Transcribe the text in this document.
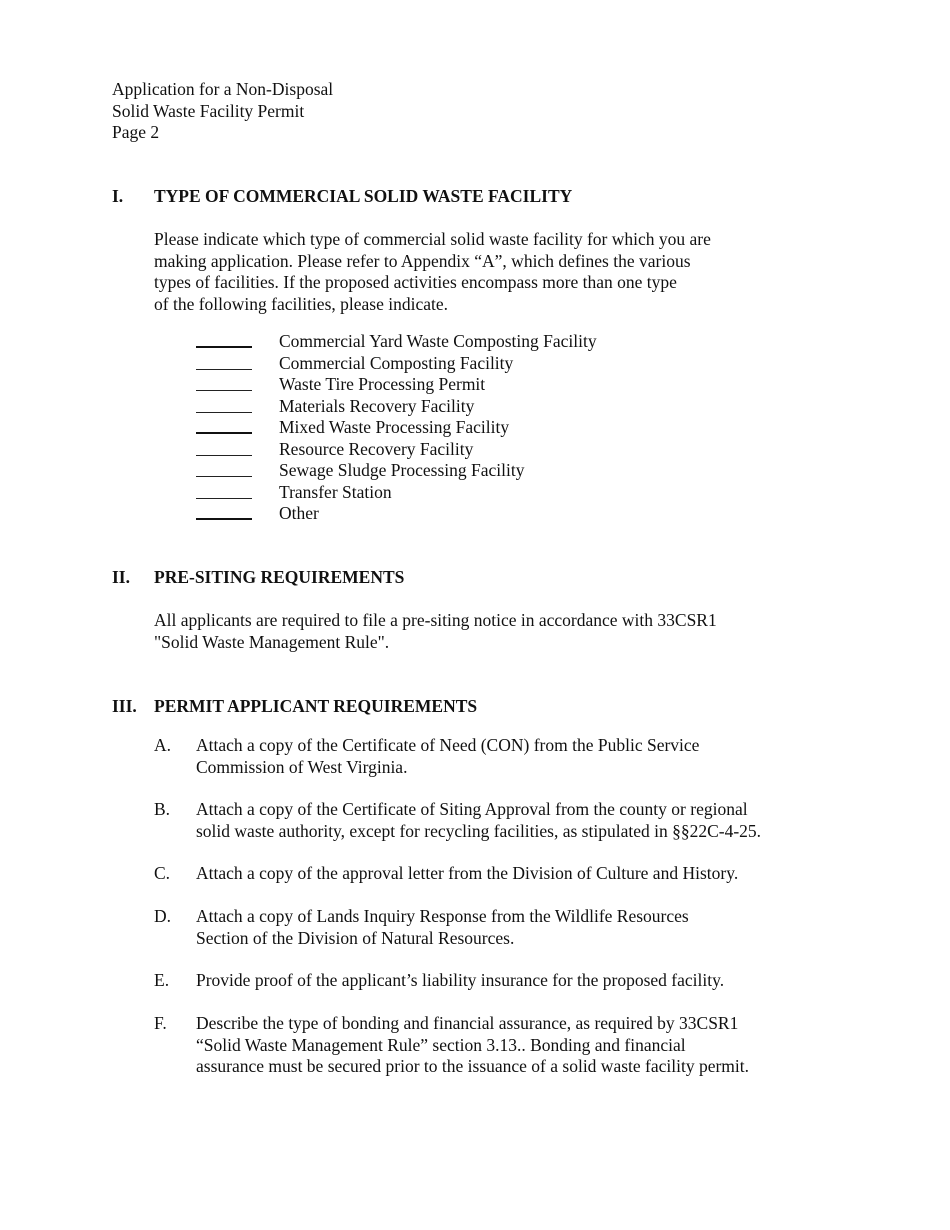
Application for a Non-Disposal
Solid Waste Facility Permit
Page 2
I. TYPE OF COMMERCIAL SOLID WASTE FACILITY
Please indicate which type of commercial solid waste facility for which you are
making application. Please refer to Appendix “A”, which defines the various
types of facilities. If the proposed activities encompass more than one type
of the following facilities, please indicate.
Commercial Yard Waste Composting Facility
Commercial Composting Facility
Waste Tire Processing Permit
Materials Recovery Facility
Mixed Waste Processing Facility
Resource Recovery Facility
Sewage Sludge Processing Facility
Transfer Station
Other
II. PRE-SITING REQUIREMENTS
All applicants are required to file a pre-siting notice in accordance with 33CSR1
"Solid Waste Management Rule".
III. PERMIT APPLICANT REQUIREMENTS
A. Attach a copy of the Certificate of Need (CON) from the Public Service
Commission of West Virginia.
B. Attach a copy of the Certificate of Siting Approval from the county or regional
solid waste authority, except for recycling facilities, as stipulated in §§22C-4-25.
C. Attach a copy of the approval letter from the Division of Culture and History.
D. Attach a copy of Lands Inquiry Response from the Wildlife Resources
Section of the Division of Natural Resources.
E. Provide proof of the applicant’s liability insurance for the proposed facility.
F. Describe the type of bonding and financial assurance, as required by 33CSR1
“Solid Waste Management Rule” section 3.13.. Bonding and financial
assurance must be secured prior to the issuance of a solid waste facility permit.
